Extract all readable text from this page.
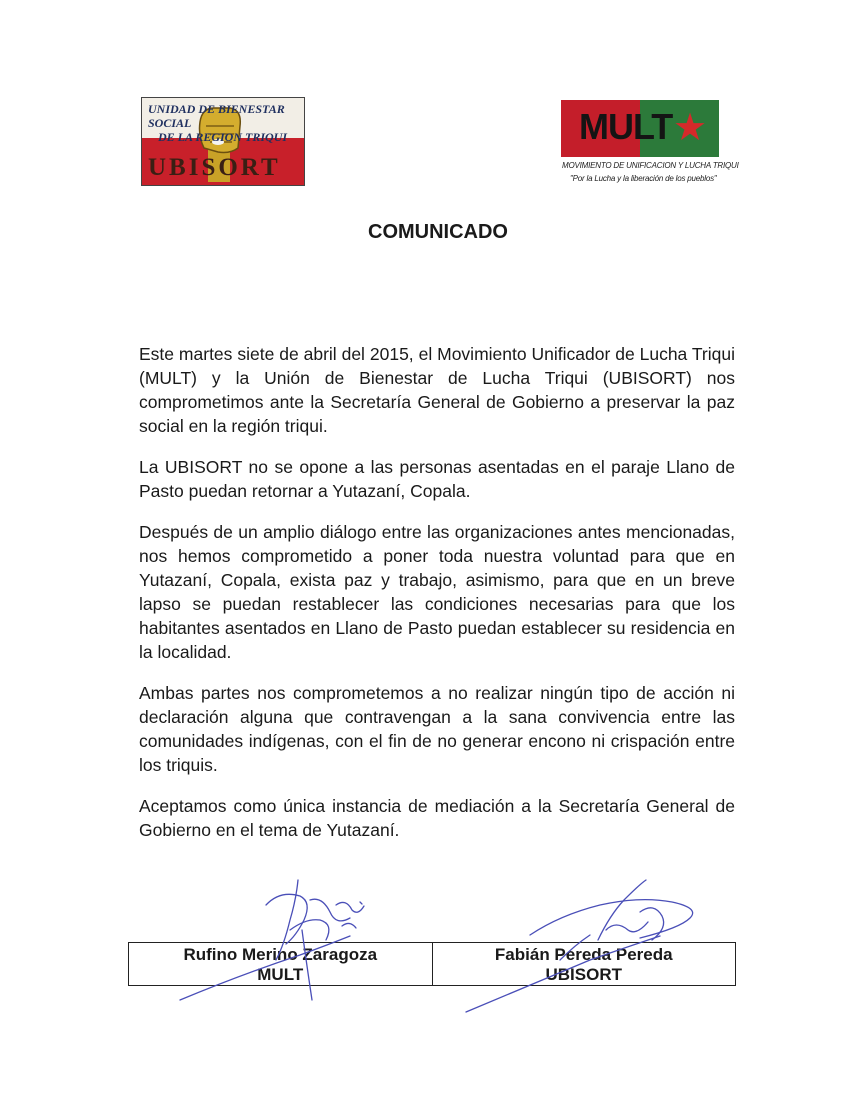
UNIDAD DE BIENESTAR SOCIAL
DE LA REGION TRIQUI
UBISORT
MULT ★
MOVIMIENTO DE UNIFICACION Y LUCHA TRIQUI
"Por la Lucha y la liberación de los pueblos"
COMUNICADO

Este martes siete de abril del 2015, el Movimiento Unificador de Lucha Triqui (MULT) y la Unión de Bienestar de Lucha Triqui (UBISORT) nos comprometimos ante la Secretaría General de Gobierno a preservar la paz social en la región triqui.

La UBISORT no se opone a las personas asentadas en el paraje Llano de Pasto puedan retornar a Yutazaní, Copala.

Después de un amplio diálogo entre las organizaciones antes mencionadas, nos hemos comprometido a poner toda nuestra voluntad para que en Yutazaní, Copala, exista paz y trabajo, asimismo, para que en un breve lapso se puedan restablecer las condiciones necesarias para que los habitantes asentados en Llano de Pasto puedan establecer su residencia en la localidad.

Ambas partes nos comprometemos a no realizar ningún tipo de acción ni declaración alguna que contravengan a la sana convivencia entre las comunidades indígenas, con el fin de no generar encono ni crispación entre los triquis.

Aceptamos como única instancia de mediación a la Secretaría General de Gobierno en el tema de Yutazaní.

Rufino Merino Zaragoza
MULT
Fabián Pereda Pereda
UBISORT
